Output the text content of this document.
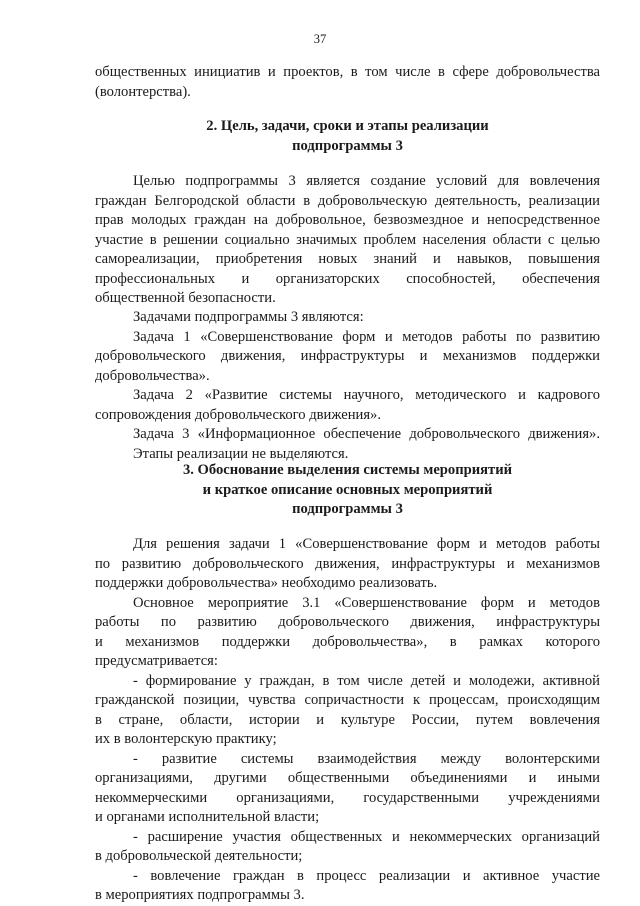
37
общественных инициатив и проектов, в том числе в сфере добровольчества
(волонтерства).
2. Цель, задачи, сроки и этапы реализации
подпрограммы 3
Целью подпрограммы 3 является создание условий для вовлечения
граждан Белгородской области в добровольческую деятельность, реализации
прав молодых граждан на добровольное, безвозмездное и непосредственное
участие в решении социально значимых проблем населения области с целью
самореализации, приобретения новых знаний и навыков, повышения
профессиональных и организаторских способностей, обеспечения
общественной безопасности.
Задачами подпрограммы 3 являются:
Задача 1 «Совершенствование форм и методов работы по развитию
добровольческого движения, инфраструктуры и механизмов поддержки
добровольчества».
Задача 2 «Развитие системы научного, методического и кадрового
сопровождения добровольческого движения».
Задача 3 «Информационное обеспечение добровольческого движения».
Этапы реализации не выделяются.
3. Обоснование выделения системы мероприятий
и краткое описание основных мероприятий
подпрограммы 3
Для решения задачи 1 «Совершенствование форм и методов работы
по развитию добровольческого движения, инфраструктуры и механизмов
поддержки добровольчества» необходимо реализовать.
Основное мероприятие 3.1 «Совершенствование форм и методов
работы по развитию добровольческого движения, инфраструктуры
и механизмов поддержки добровольчества», в рамках которого
предусматривается:
- формирование у граждан, в том числе детей и молодежи, активной
гражданской позиции, чувства сопричастности к процессам, происходящим
в стране, области, истории и культуре России, путем вовлечения
их в волонтерскую практику;
- развитие системы взаимодействия между волонтерскими
организациями, другими общественными объединениями и иными
некоммерческими организациями, государственными учреждениями
и органами исполнительной власти;
- расширение участия общественных и некоммерческих организаций
в добровольческой деятельности;
- вовлечение граждан в процесс реализации и активное участие
в мероприятиях подпрограммы 3.
